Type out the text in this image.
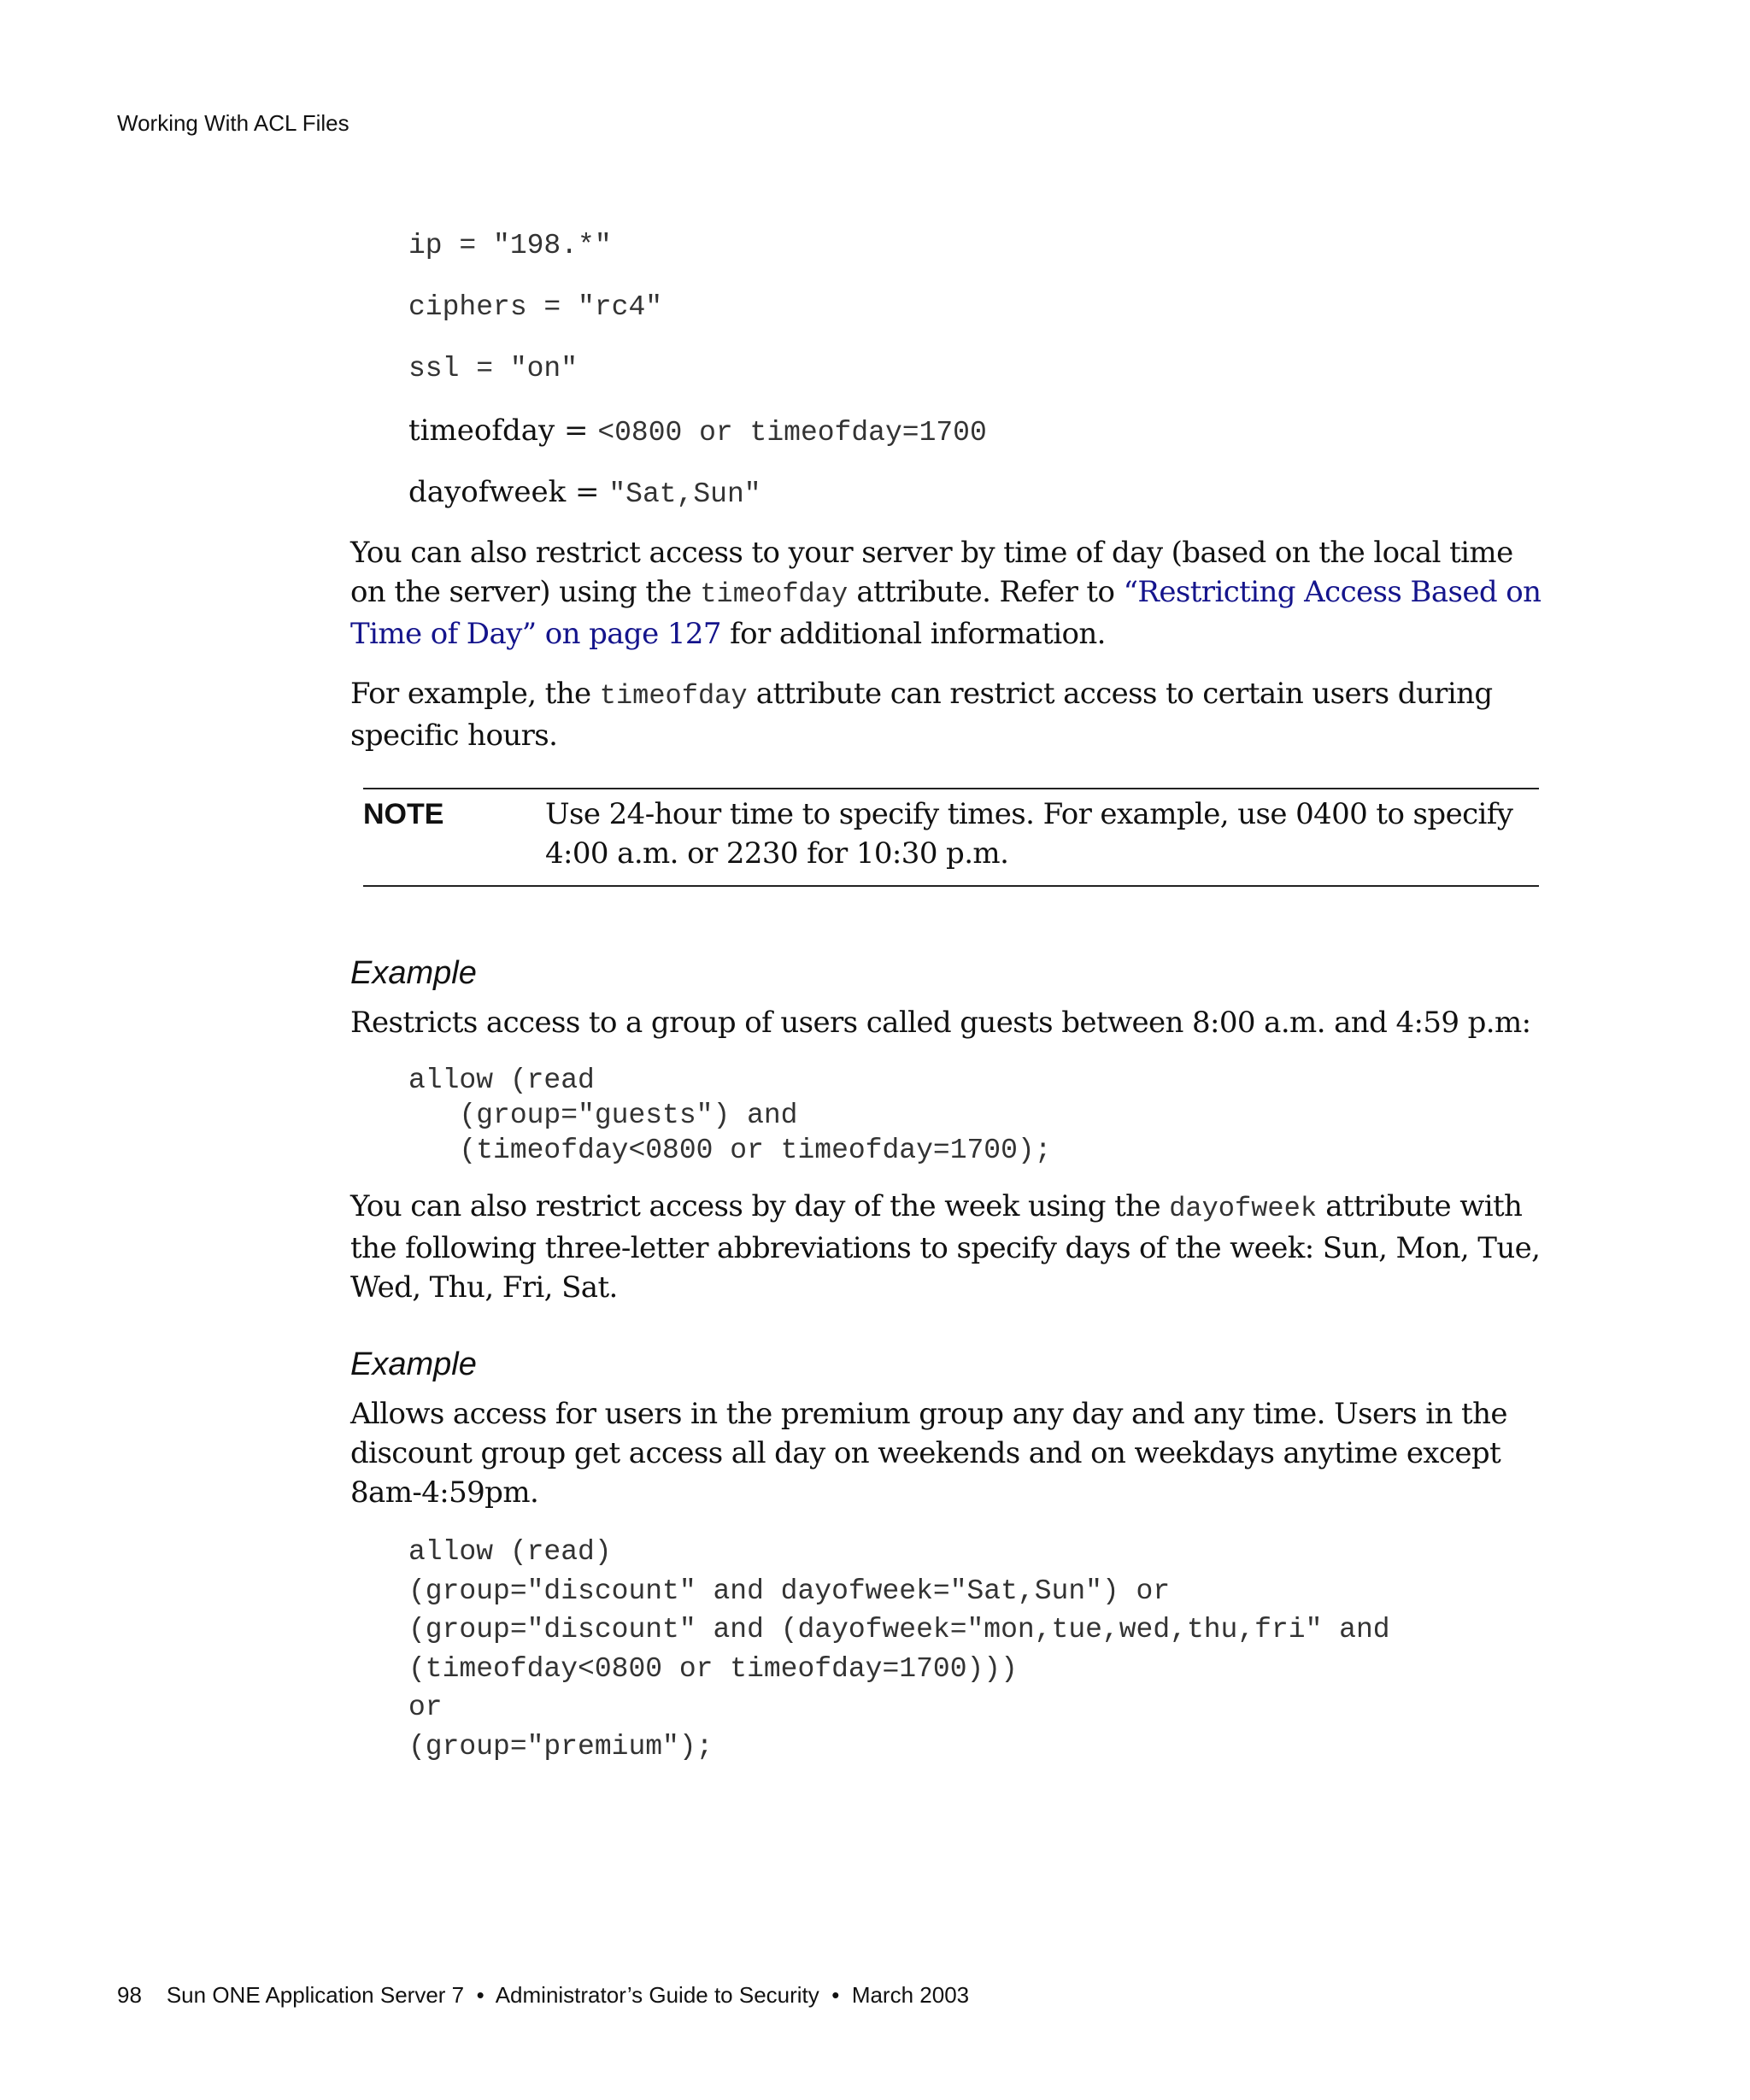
Working With ACL Files
ip = "198.*"
ciphers = "rc4"
ssl = "on"
timeofday = <0800 or timeofday=1700
dayofweek = "Sat,Sun"

You can also restrict access to your server by time of day (based on the local time on the server) using the timeofday attribute. Refer to “Restricting Access Based on Time of Day” on page 127 for additional information.

For example, the timeofday attribute can restrict access to certain users during specific hours.

NOTE	Use 24-hour time to specify times. For example, use 0400 to specify 4:00 a.m. or 2230 for 10:30 p.m.
Example

Restricts access to a group of users called guests between 8:00 a.m. and 4:59 p.m:

allow (read
(group="guests") and
(timeofday<0800 or timeofday=1700);

You can also restrict access by day of the week using the dayofweek attribute with the following three-letter abbreviations to specify days of the week: Sun, Mon, Tue, Wed, Thu, Fri, Sat.

Example

Allows access for users in the premium group any day and any time. Users in the discount group get access all day on weekends and on weekdays anytime except 8am-4:59pm.

allow (read)
(group="discount" and dayofweek="Sat,Sun") or
(group="discount" and (dayofweek="mon,tue,wed,thu,fri" and
(timeofday<0800 or timeofday=1700)))
or
(group="premium");
98 Sun ONE Application Server 7 • Administrator’s Guide to Security • March 2003
